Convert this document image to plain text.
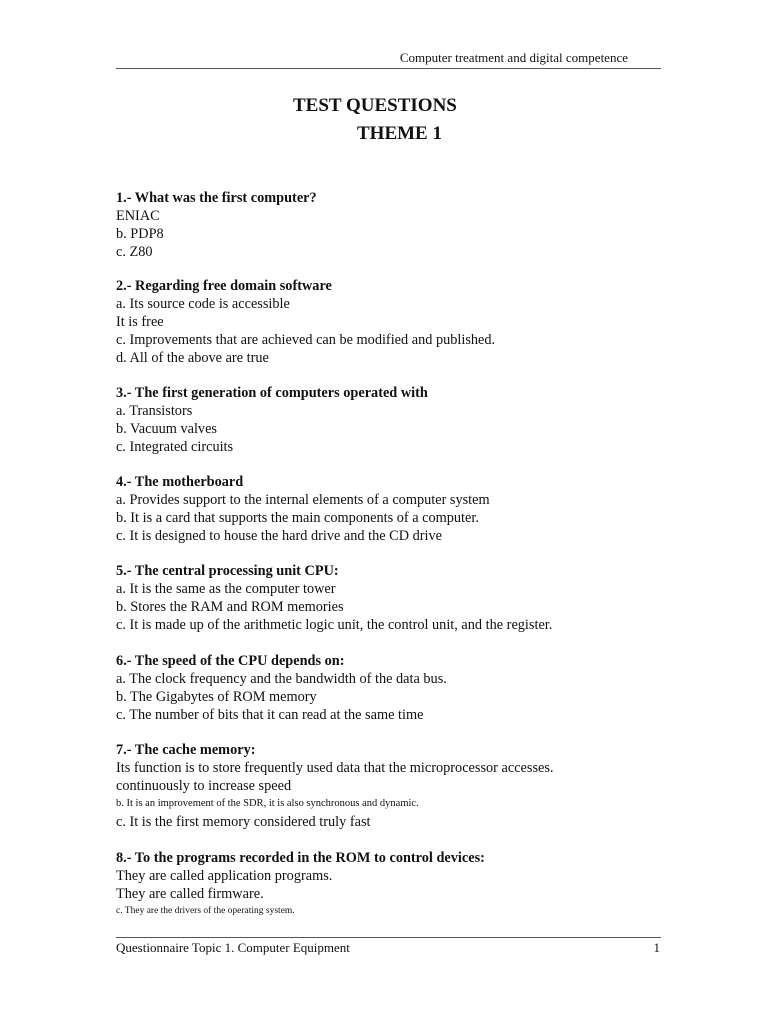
Computer treatment and digital competence
TEST QUESTIONS
THEME 1
1.- What was the first computer?
ENIAC
b. PDP8
c. Z80
2.- Regarding free domain software
a. Its source code is accessible
It is free
c. Improvements that are achieved can be modified and published.
d. All of the above are true
3.- The first generation of computers operated with
a. Transistors
b. Vacuum valves
c. Integrated circuits
4.- The motherboard
a. Provides support to the internal elements of a computer system
b. It is a card that supports the main components of a computer.
c. It is designed to house the hard drive and the CD drive
5.- The central processing unit CPU:
a. It is the same as the computer tower
b. Stores the RAM and ROM memories
c. It is made up of the arithmetic logic unit, the control unit, and the register.
6.- The speed of the CPU depends on:
a. The clock frequency and the bandwidth of the data bus.
b. The Gigabytes of ROM memory
c. The number of bits that it can read at the same time
7.- The cache memory:
Its function is to store frequently used data that the microprocessor accesses.
continuously to increase speed
b. It is an improvement of the SDR, it is also synchronous and dynamic.
c. It is the first memory considered truly fast
8.- To the programs recorded in the ROM to control devices:
They are called application programs.
They are called firmware.
c. They are the drivers of the operating system.
Questionnaire Topic 1. Computer Equipment	1
